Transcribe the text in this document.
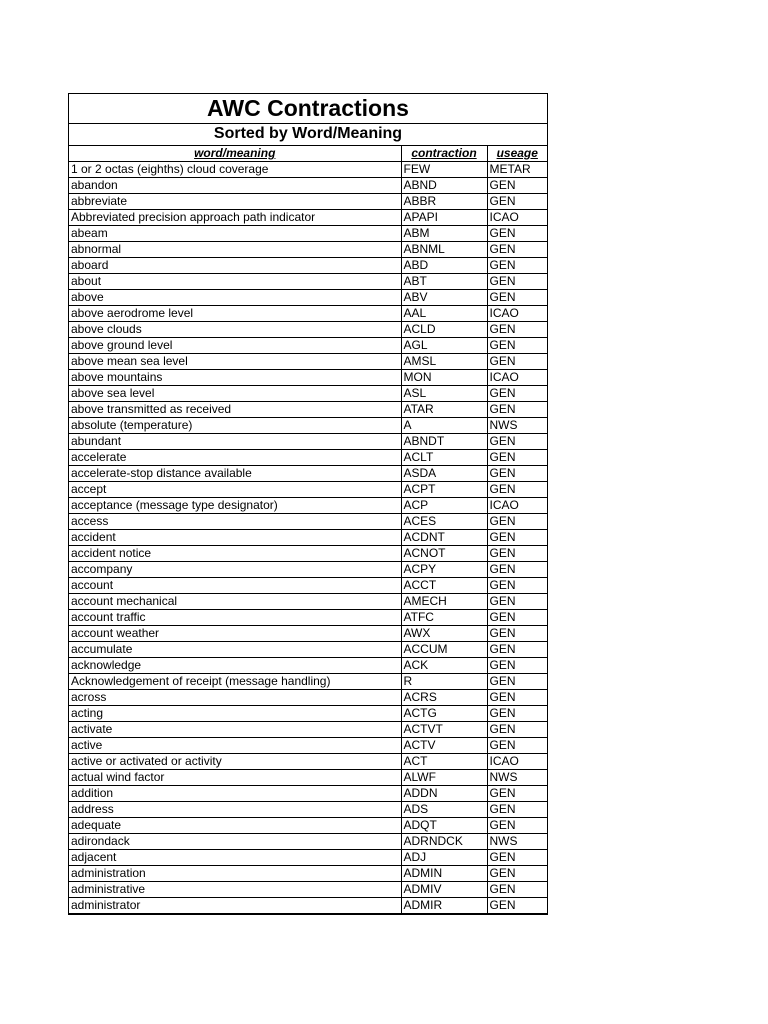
AWC Contractions
Sorted by Word/Meaning
word/meaning	contraction	useage
1 or 2 octas (eighths) cloud coverage	FEW	METAR
abandon	ABND	GEN
abbreviate	ABBR	GEN
Abbreviated precision approach path indicator	APAPI	ICAO
abeam	ABM	GEN
abnormal	ABNML	GEN
aboard	ABD	GEN
about	ABT	GEN
above	ABV	GEN
above aerodrome level	AAL	ICAO
above clouds	ACLD	GEN
above ground level	AGL	GEN
above mean sea level	AMSL	GEN
above mountains	MON	ICAO
above sea level	ASL	GEN
above transmitted as received	ATAR	GEN
absolute (temperature)	A	NWS
abundant	ABNDT	GEN
accelerate	ACLT	GEN
accelerate-stop distance available	ASDA	GEN
accept	ACPT	GEN
acceptance (message type designator)	ACP	ICAO
access	ACES	GEN
accident	ACDNT	GEN
accident notice	ACNOT	GEN
accompany	ACPY	GEN
account	ACCT	GEN
account mechanical	AMECH	GEN
account traffic	ATFC	GEN
account weather	AWX	GEN
accumulate	ACCUM	GEN
acknowledge	ACK	GEN
Acknowledgement of receipt (message handling)	R	GEN
across	ACRS	GEN
acting	ACTG	GEN
activate	ACTVT	GEN
active	ACTV	GEN
active or activated or activity	ACT	ICAO
actual wind factor	ALWF	NWS
addition	ADDN	GEN
address	ADS	GEN
adequate	ADQT	GEN
adirondack	ADRNDCK	NWS
adjacent	ADJ	GEN
administration	ADMIN	GEN
administrative	ADMIV	GEN
administrator	ADMIR	GEN
